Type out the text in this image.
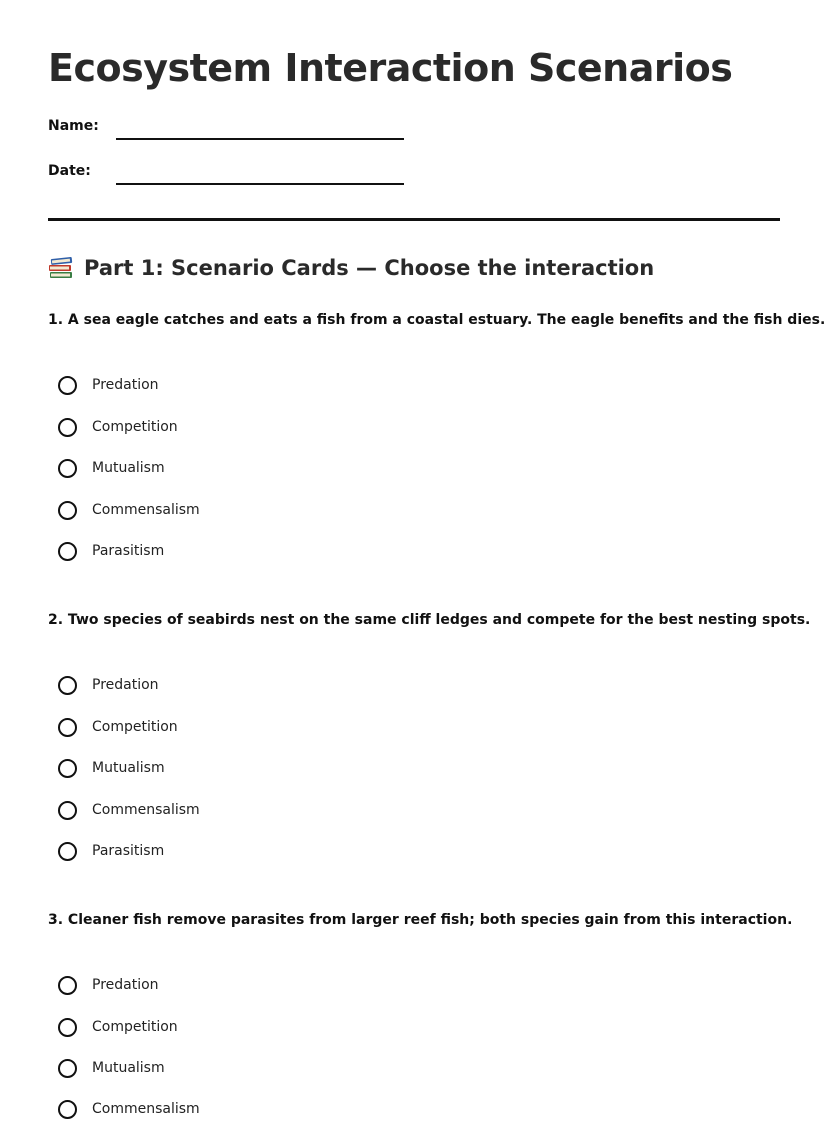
Ecosystem Interaction Scenarios
Name:
Date:
Part 1: Scenario Cards — Choose the interaction

1. A sea eagle catches and eats a fish from a coastal estuary. The eagle benefits and the fish dies.

Predation
Competition
Mutualism
Commensalism
Parasitism

2. Two species of seabirds nest on the same cliff ledges and compete for the best nesting spots.

Predation
Competition
Mutualism
Commensalism
Parasitism

3. Cleaner fish remove parasites from larger reef fish; both species gain from this interaction.

Predation
Competition
Mutualism
Commensalism
